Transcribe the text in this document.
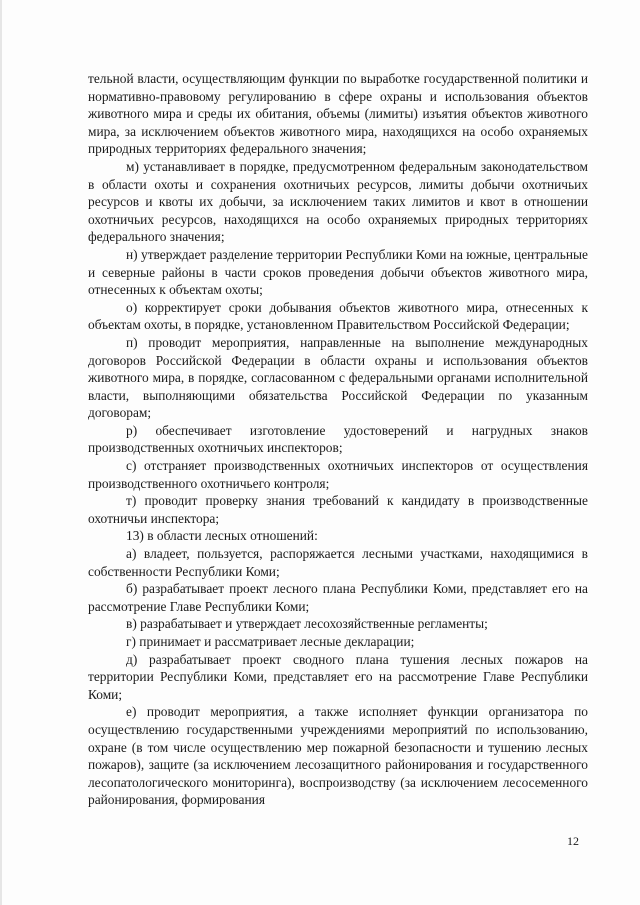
тельной власти, осуществляющим функции по выработке государственной политики и нормативно-правовому регулированию в сфере охраны и использования объектов животного мира и среды их обитания, объемы (лимиты) изъятия объектов животного мира, за исключением объектов животного мира, находящихся на особо охраняемых природных территориях федерального значения;

м) устанавливает в порядке, предусмотренном федеральным законодательством в области охоты и сохранения охотничьих ресурсов, лимиты добычи охотничьих ресурсов и квоты их добычи, за исключением таких лимитов и квот в отношении охотничьих ресурсов, находящихся на особо охраняемых природных территориях федерального значения;

н) утверждает разделение территории Республики Коми на южные, центральные и северные районы в части сроков проведения добычи объектов животного мира, отнесенных к объектам охоты;

о) корректирует сроки добывания объектов животного мира, отнесенных к объектам охоты, в порядке, установленном Правительством Российской Федерации;

п) проводит мероприятия, направленные на выполнение международных договоров Российской Федерации в области охраны и использования объектов животного мира, в порядке, согласованном с федеральными органами исполнительной власти, выполняющими обязательства Российской Федерации по указанным договорам;

р) обеспечивает изготовление удостоверений и нагрудных знаков производственных охотничьих инспекторов;

с) отстраняет производственных охотничьих инспекторов от осуществления производственного охотничьего контроля;

т) проводит проверку знания требований к кандидату в производственные охотничьи инспектора;

13) в области лесных отношений:

а) владеет, пользуется, распоряжается лесными участками, находящимися в собственности Республики Коми;

б) разрабатывает проект лесного плана Республики Коми, представляет его на рассмотрение Главе Республики Коми;

в) разрабатывает и утверждает лесохозяйственные регламенты;

г) принимает и рассматривает лесные декларации;

д) разрабатывает проект сводного плана тушения лесных пожаров на территории Республики Коми, представляет его на рассмотрение Главе Республики Коми;

е) проводит мероприятия, а также исполняет функции организатора по осуществлению государственными учреждениями мероприятий по использованию, охране (в том числе осуществлению мер пожарной безопасности и тушению лесных пожаров), защите (за исключением лесозащитного районирования и государственного лесопатологического мониторинга), воспроизводству (за исключением лесосеменного районирования, формирования

12
